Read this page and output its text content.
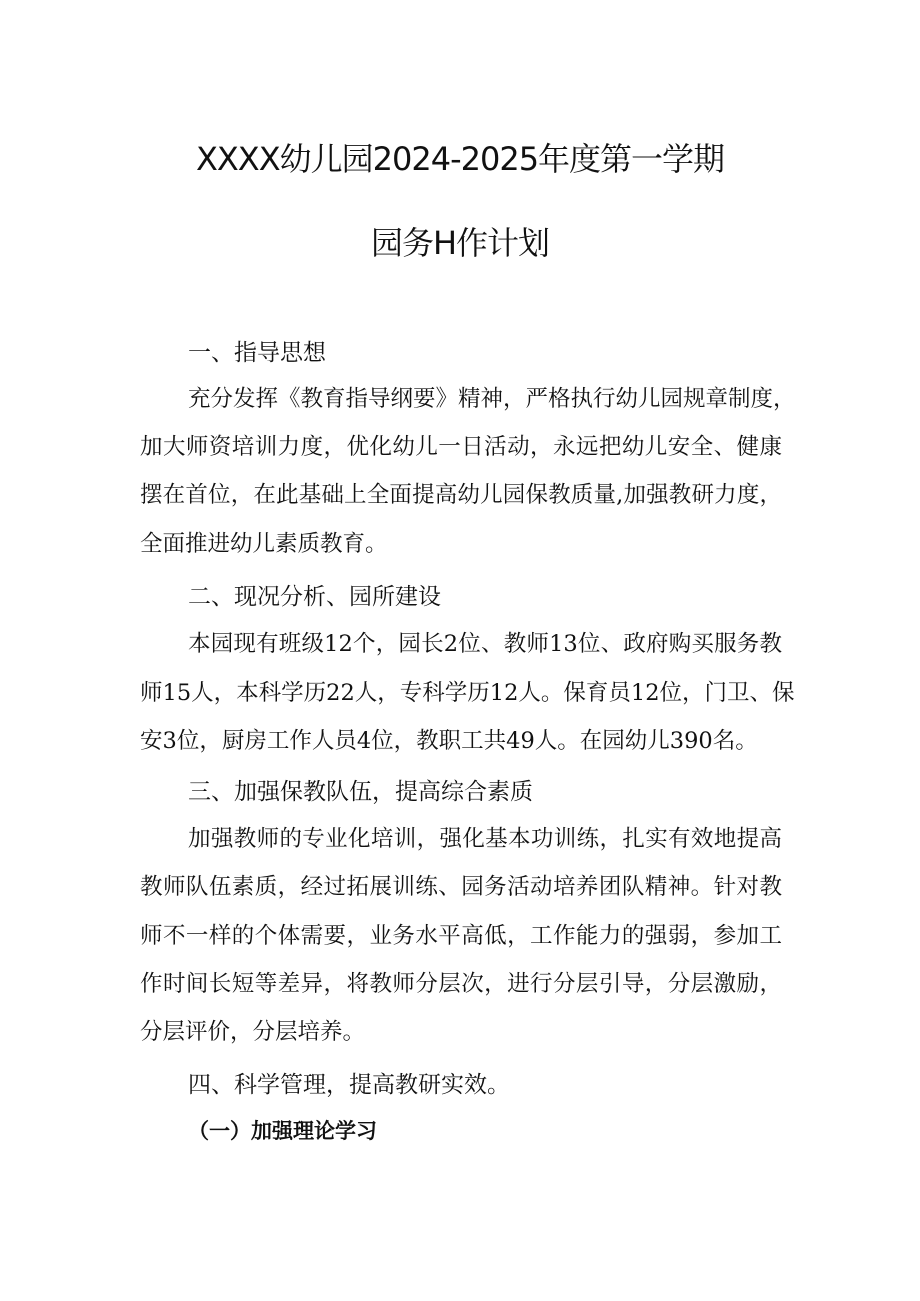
XXXX幼儿园2024-2025年度第一学期
园务H作计划
一、指导思想
充分发挥《教育指导纲要》精神，严格执行幼儿园规章制度，
加大师资培训力度，优化幼儿一日活动，永远把幼儿安全、健康
摆在首位，在此基础上全面提高幼儿园保教质量,加强教研力度，
全面推进幼儿素质教育。
二、现况分析、园所建设
本园现有班级12个，园长2位、教师13位、政府购买服务教
师15人，本科学历22人，专科学历12人。保育员12位，门卫、保
安3位，厨房工作人员4位，教职工共49人。在园幼儿390名。
三、加强保教队伍，提高综合素质
加强教师的专业化培训，强化基本功训练，扎实有效地提高
教师队伍素质，经过拓展训练、园务活动培养团队精神。针对教
师不一样的个体需要，业务水平高低，工作能力的强弱，参加工
作时间长短等差异，将教师分层次，进行分层引导，分层激励，
分层评价，分层培养。
四、科学管理，提高教研实效。
（一）加强理论学习
